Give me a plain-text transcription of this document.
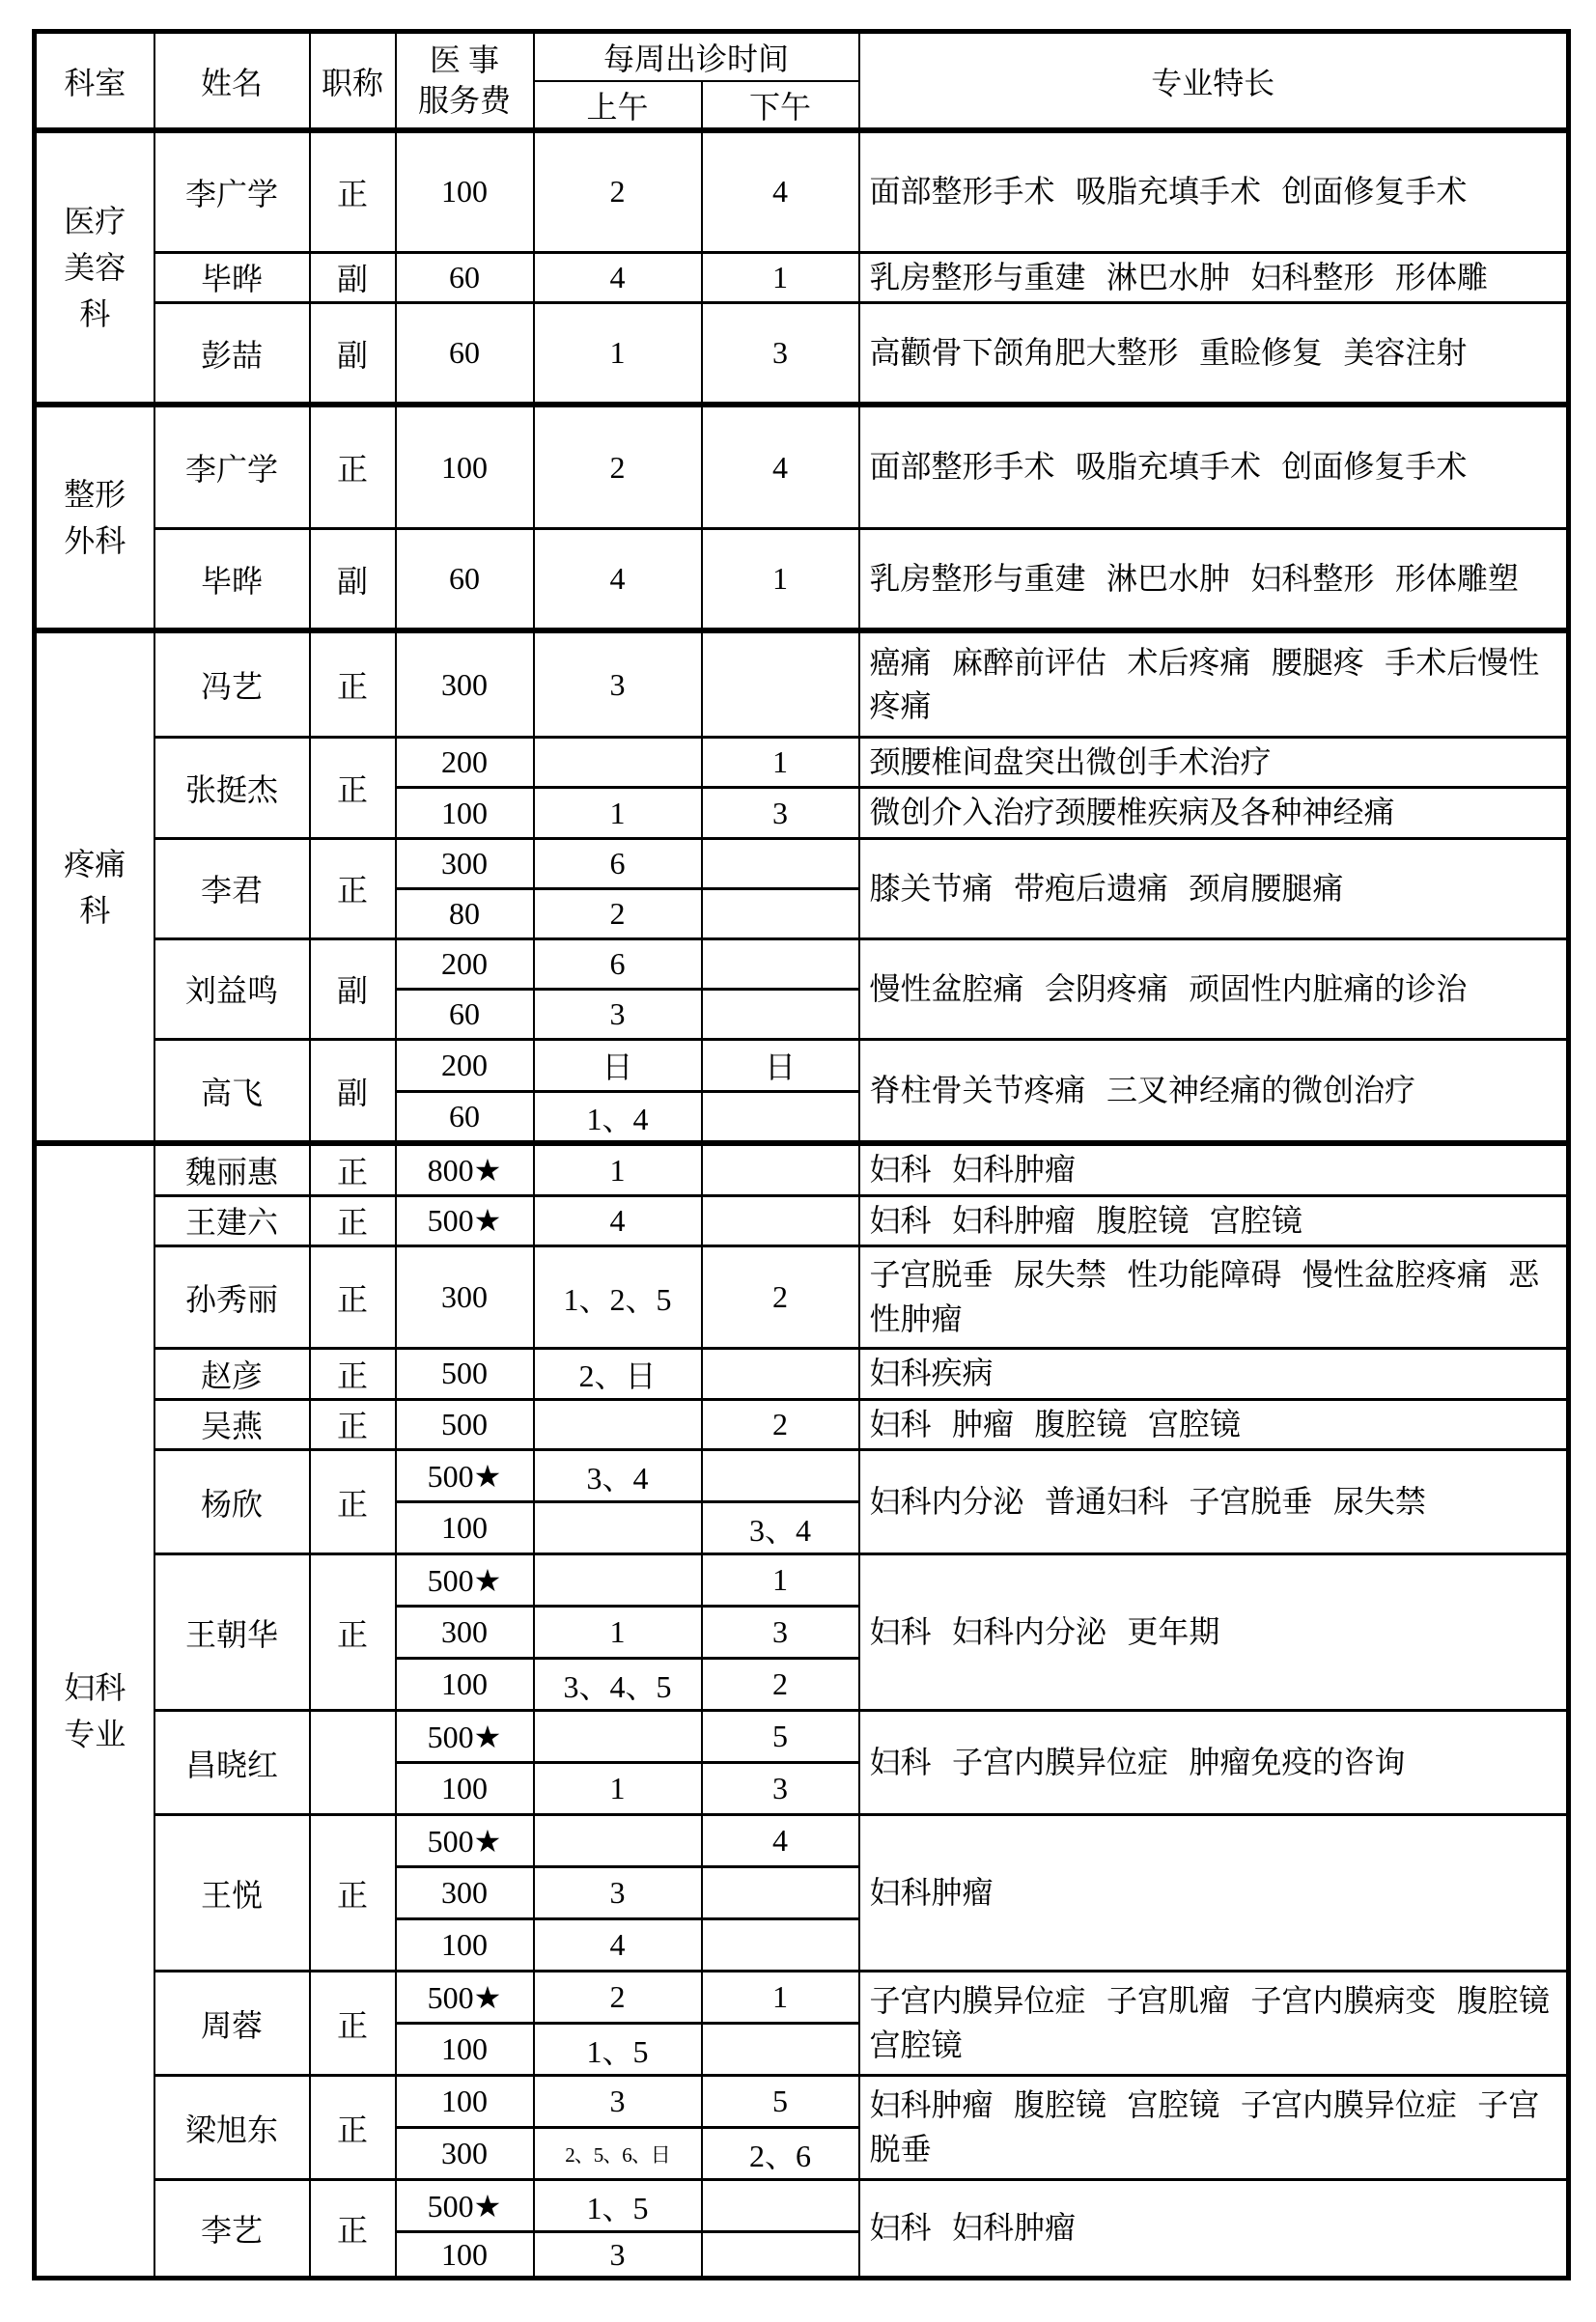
科室	姓名	职称	医 事
服务费	每周出诊时间		专业特长
				上午	下午	

医疗
美容
科	李广学	正	100	2	4	面部整形手术 吸脂充填手术 创面修复手术
	毕晔	副	60	4	1	乳房整形与重建 淋巴水肿 妇科整形 形体雕
	彭喆	副	60	1	3	高颧骨下颌角肥大整形 重睑修复 美容注射

整形
外科	李广学	正	100	2	4	面部整形手术 吸脂充填手术 创面修复手术
	毕晔	副	60	4	1	乳房整形与重建 淋巴水肿 妇科整形 形体雕塑

疼痛
科	冯艺	正	300	3		癌痛 麻醉前评估 术后疼痛 腰腿疼 手术后慢性疼痛
	张挺杰	正	200		1	颈腰椎间盘突出微创手术治疗
			100	1	3	微创介入治疗颈腰椎疾病及各种神经痛
	李君	正	300	6		膝关节痛 带疱后遗痛 颈肩腰腿痛
			80	2		
	刘益鸣	副	200	6		慢性盆腔痛 会阴疼痛 顽固性内脏痛的诊治
			60	3		
	高飞	副	200	日	日	脊柱骨关节疼痛 三叉神经痛的微创治疗
			60	1、4		

妇科
专业	魏丽惠	正	800★	1		妇科 妇科肿瘤
	王建六	正	500★	4		妇科 妇科肿瘤 腹腔镜 宫腔镜
	孙秀丽	正	300	1、2、5	2	子宫脱垂 尿失禁 性功能障碍 慢性盆腔疼痛 恶性肿瘤
	赵彦	正	500	2、日		妇科疾病
	吴燕	正	500		2	妇科 肿瘤 腹腔镜 宫腔镜
	杨欣	正	500★	3、4		妇科内分泌 普通妇科 子宫脱垂 尿失禁
			100		3、4	
	王朝华	正	500★		1	妇科 妇科内分泌 更年期
			300	1	3	
			100	3、4、5	2	
	昌晓红		500★		5	妇科 子宫内膜异位症 肿瘤免疫的咨询
			100	1	3	
	王悦	正	500★		4	妇科肿瘤
			300	3		
			100	4		
	周蓉	正	500★	2	1	子宫内膜异位症 子宫肌瘤 子宫内膜病变 腹腔镜 宫腔镜
			100	1、5		
	梁旭东	正	100	3	5	妇科肿瘤 腹腔镜 宫腔镜 子宫内膜异位症 子宫脱垂
			300	2、5、6、日	2、6	
	李艺	正	500★	1、5		妇科 妇科肿瘤
			100	3		
